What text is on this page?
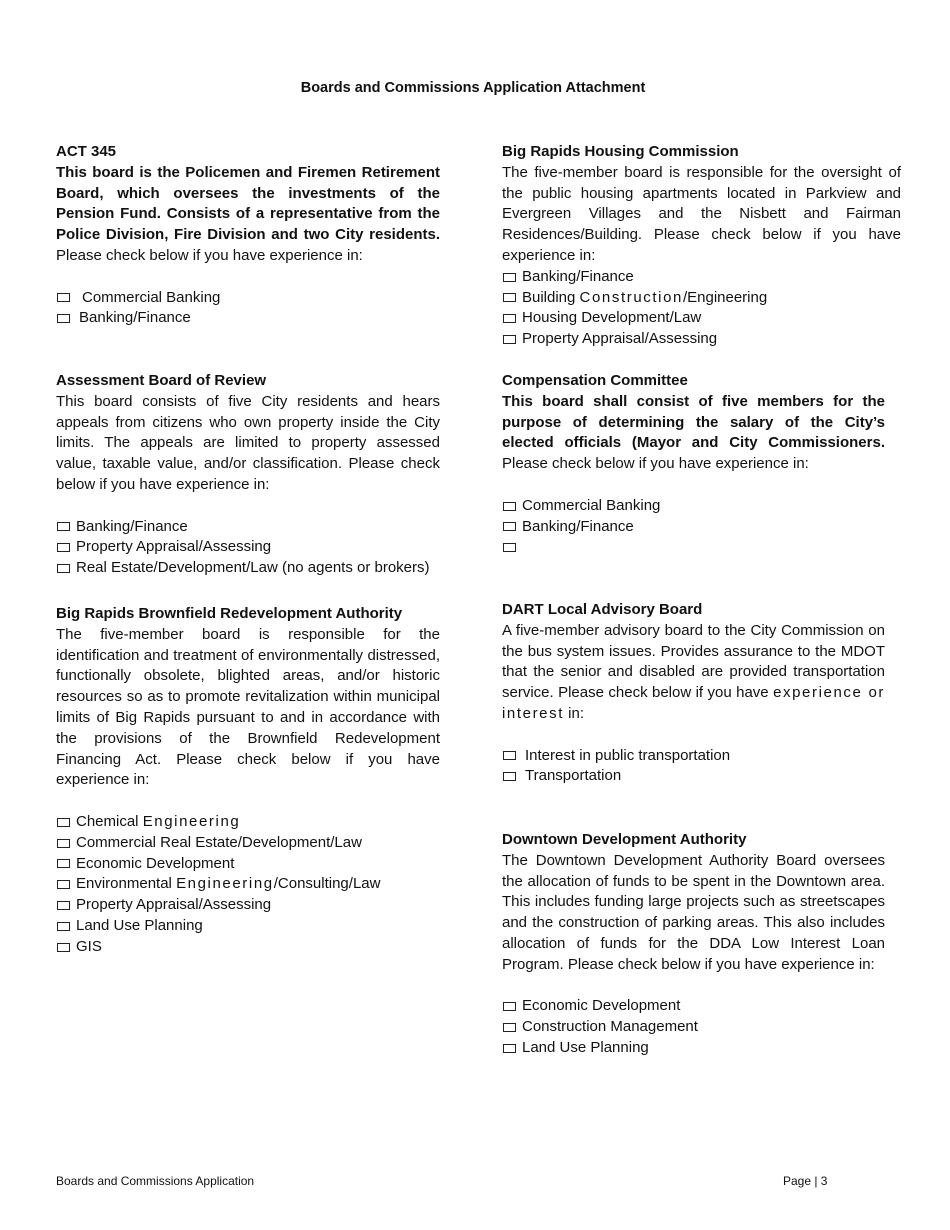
Boards and Commissions Application Attachment
ACT 345

This board is the Policemen and Firemen Retirement Board, which oversees the investments of the Pension Fund. Consists of a representative from the Police Division, Fire Division and two City residents. Please check below if you have experience in:

Commercial Banking
Banking/Finance
Assessment Board of Review

This board consists of five City residents and hears appeals from citizens who own property inside the City limits. The appeals are limited to property assessed value, taxable value, and/or classification. Please check below if you have experience in:

Banking/Finance
Property Appraisal/Assessing
Real Estate/Development/Law (no agents or brokers)
Big Rapids Brownfield Redevelopment Authority

The five-member board is responsible for the identification and treatment of environmentally distressed, functionally obsolete, blighted areas, and/or historic resources so as to promote revitalization within municipal limits of Big Rapids pursuant to and in accordance with the provisions of the Brownfield Redevelopment Financing Act. Please check below if you have experience in:

Chemical Engineering
Commercial Real Estate/Development/Law
Economic Development
Environmental Engineering/Consulting/Law
Property Appraisal/Assessing
Land Use Planning
GIS
Big Rapids Housing Commission

The five-member board is responsible for the oversight of the public housing apartments located in Parkview and Evergreen Villages and the Nisbett and Fairman Residences/Building. Please check below if you have experience in:

Banking/Finance
Building Construction/Engineering
Housing Development/Law
Property Appraisal/Assessing
Compensation Committee

This board shall consist of five members for the purpose of determining the salary of the City’s elected officials (Mayor and City Commissioners. Please check below if you have experience in:

Commercial Banking
Banking/Finance
DART Local Advisory Board

A five-member advisory board to the City Commission on the bus system issues. Provides assurance to the MDOT that the senior and disabled are provided transportation service. Please check below if you have experience or interest in:

Interest in public transportation
Transportation
Downtown Development Authority

The Downtown Development Authority Board oversees the allocation of funds to be spent in the Downtown area. This includes funding large projects such as streetscapes and the construction of parking areas. This also includes allocation of funds for the DDA Low Interest Loan Program. Please check below if you have experience in:

Economic Development
Construction Management
Land Use Planning
Boards and Commissions Application	Page | 3
